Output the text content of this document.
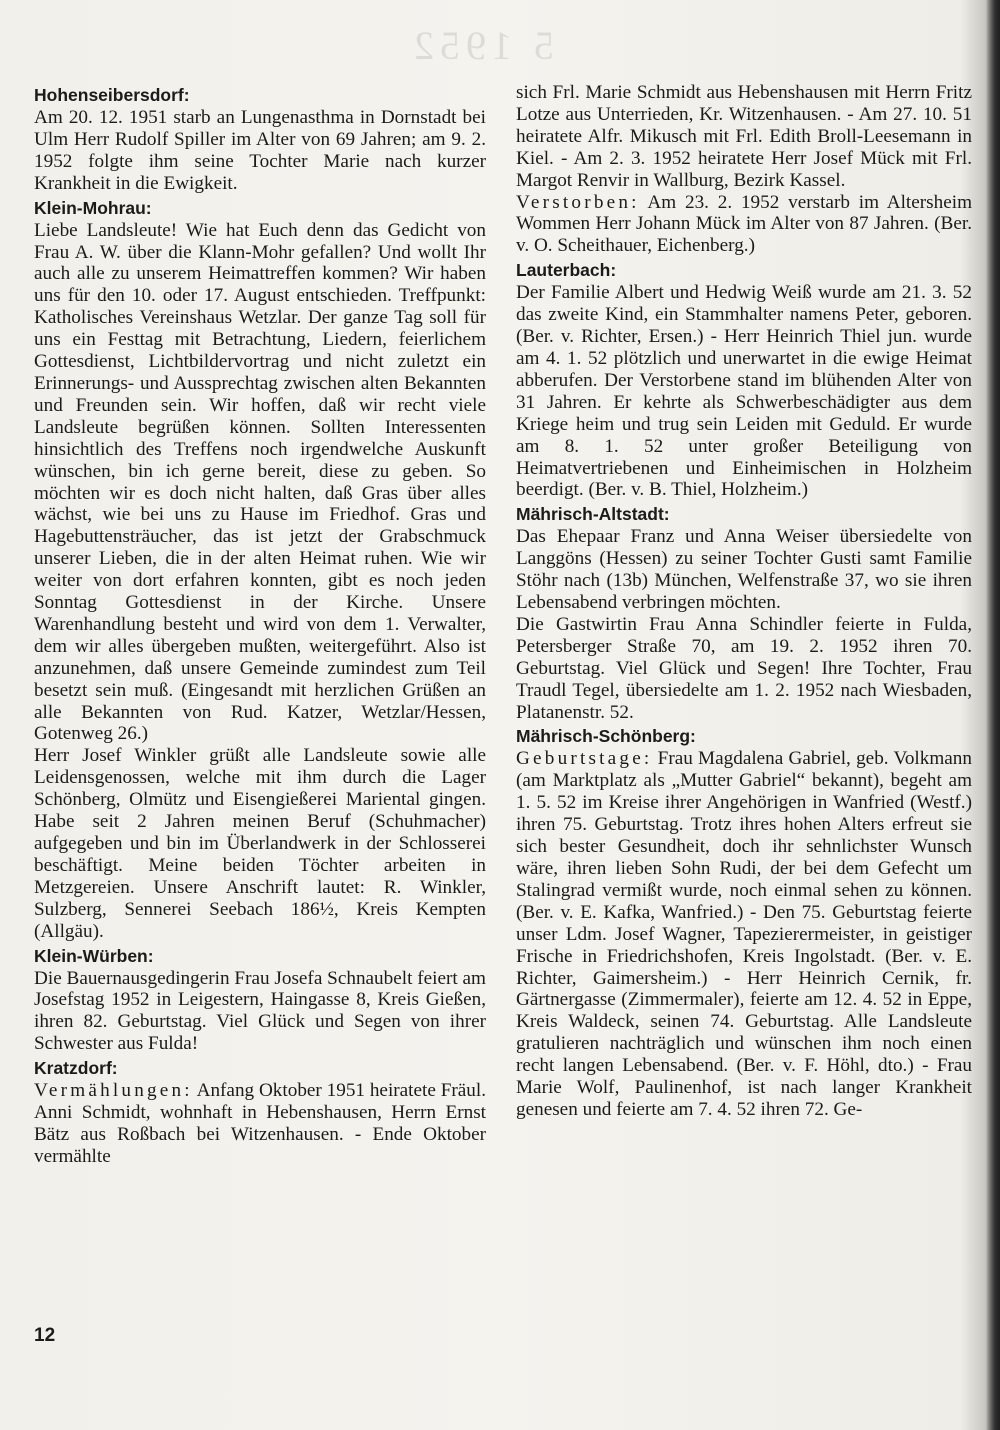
5 1952
Hohenseibersdorf:

Am 20. 12. 1951 starb an Lungenasthma in Dornstadt bei Ulm Herr Rudolf Spiller im Alter von 69 Jahren; am 9. 2. 1952 folgte ihm seine Tochter Marie nach kurzer Krankheit in die Ewigkeit.

Klein-Mohrau:

Liebe Landsleute! Wie hat Euch denn das Gedicht von Frau A. W. über die Klann-Mohr gefallen? Und wollt Ihr auch alle zu unserem Heimattreffen kommen? Wir haben uns für den 10. oder 17. August entschieden. Treffpunkt: Katholisches Vereinshaus Wetzlar. Der ganze Tag soll für uns ein Festtag mit Betrachtung, Liedern, feierlichem Gottesdienst, Lichtbildervortrag und nicht zuletzt ein Erinnerungs- und Aussprechtag zwischen alten Bekannten und Freunden sein. Wir hoffen, daß wir recht viele Landsleute begrüßen können. Sollten Interessenten hinsichtlich des Treffens noch irgendwelche Auskunft wünschen, bin ich gerne bereit, diese zu geben. So möchten wir es doch nicht halten, daß Gras über alles wächst, wie bei uns zu Hause im Friedhof. Gras und Hagebuttensträucher, das ist jetzt der Grabschmuck unserer Lieben, die in der alten Heimat ruhen. Wie wir weiter von dort erfahren konnten, gibt es noch jeden Sonntag Gottesdienst in der Kirche. Unsere Warenhandlung besteht und wird von dem 1. Verwalter, dem wir alles übergeben mußten, weitergeführt. Also ist anzunehmen, daß unsere Gemeinde zumindest zum Teil besetzt sein muß. (Eingesandt mit herzlichen Grüßen an alle Bekannten von Rud. Katzer, Wetzlar/Hessen, Gotenweg 26.)

Herr Josef Winkler grüßt alle Landsleute sowie alle Leidensgenossen, welche mit ihm durch die Lager Schönberg, Olmütz und Eisengießerei Mariental gingen. Habe seit 2 Jahren meinen Beruf (Schuhmacher) aufgegeben und bin im Überlandwerk in der Schlosserei beschäftigt. Meine beiden Töchter arbeiten in Metzgereien. Unsere Anschrift lautet: R. Winkler, Sulzberg, Sennerei Seebach 186½, Kreis Kempten (Allgäu).

Klein-Würben:

Die Bauernausgedingerin Frau Josefa Schnaubelt feiert am Josefstag 1952 in Leigestern, Haingasse 8, Kreis Gießen, ihren 82. Geburtstag. Viel Glück und Segen von ihrer Schwester aus Fulda!

Kratzdorf:

Vermählungen: Anfang Oktober 1951 heiratete Fräul. Anni Schmidt, wohnhaft in Hebenshausen, Herrn Ernst Bätz aus Roßbach bei Witzenhausen. - Ende Oktober vermählte

sich Frl. Marie Schmidt aus Hebenshausen mit Herrn Fritz Lotze aus Unterrieden, Kr. Witzenhausen. - Am 27. 10. 51 heiratete Alfr. Mikusch mit Frl. Edith Broll-Leesemann in Kiel. - Am 2. 3. 1952 heiratete Herr Josef Mück mit Frl. Margot Renvir in Wallburg, Bezirk Kassel.

Verstorben: Am 23. 2. 1952 verstarb im Altersheim Wommen Herr Johann Mück im Alter von 87 Jahren. (Ber. v. O. Scheithauer, Eichenberg.)

Lauterbach:

Der Familie Albert und Hedwig Weiß wurde am 21. 3. 52 das zweite Kind, ein Stammhalter namens Peter, geboren. (Ber. v. Richter, Ersen.) - Herr Heinrich Thiel jun. wurde am 4. 1. 52 plötzlich und unerwartet in die ewige Heimat abberufen. Der Verstorbene stand im blühenden Alter von 31 Jahren. Er kehrte als Schwerbeschädigter aus dem Kriege heim und trug sein Leiden mit Geduld. Er wurde am 8. 1. 52 unter großer Beteiligung von Heimatvertriebenen und Einheimischen in Holzheim beerdigt. (Ber. v. B. Thiel, Holzheim.)

Mährisch-Altstadt:

Das Ehepaar Franz und Anna Weiser übersiedelte von Langgöns (Hessen) zu seiner Tochter Gusti samt Familie Stöhr nach (13b) München, Welfenstraße 37, wo sie ihren Lebensabend verbringen möchten.

Die Gastwirtin Frau Anna Schindler feierte in Fulda, Petersberger Straße 70, am 19. 2. 1952 ihren 70. Geburtstag. Viel Glück und Segen! Ihre Tochter, Frau Traudl Tegel, übersiedelte am 1. 2. 1952 nach Wiesbaden, Platanenstr. 52.

Mährisch-Schönberg:

Geburtstage: Frau Magdalena Gabriel, geb. Volkmann (am Marktplatz als „Mutter Gabriel“ bekannt), begeht am 1. 5. 52 im Kreise ihrer Angehörigen in Wanfried (Westf.) ihren 75. Geburtstag. Trotz ihres hohen Alters erfreut sie sich bester Gesundheit, doch ihr sehnlichster Wunsch wäre, ihren lieben Sohn Rudi, der bei dem Gefecht um Stalingrad vermißt wurde, noch einmal sehen zu können. (Ber. v. E. Kafka, Wanfried.) - Den 75. Geburtstag feierte unser Ldm. Josef Wagner, Tapezierermeister, in geistiger Frische in Friedrichshofen, Kreis Ingolstadt. (Ber. v. E. Richter, Gaimersheim.) - Herr Heinrich Cernik, fr. Gärtnergasse (Zimmermaler), feierte am 12. 4. 52 in Eppe, Kreis Waldeck, seinen 74. Geburtstag. Alle Landsleute gratulieren nachträglich und wünschen ihm noch einen recht langen Lebensabend. (Ber. v. F. Höhl, dto.) - Frau Marie Wolf, Paulinenhof, ist nach langer Krankheit genesen und feierte am 7. 4. 52 ihren 72. Ge-

12
